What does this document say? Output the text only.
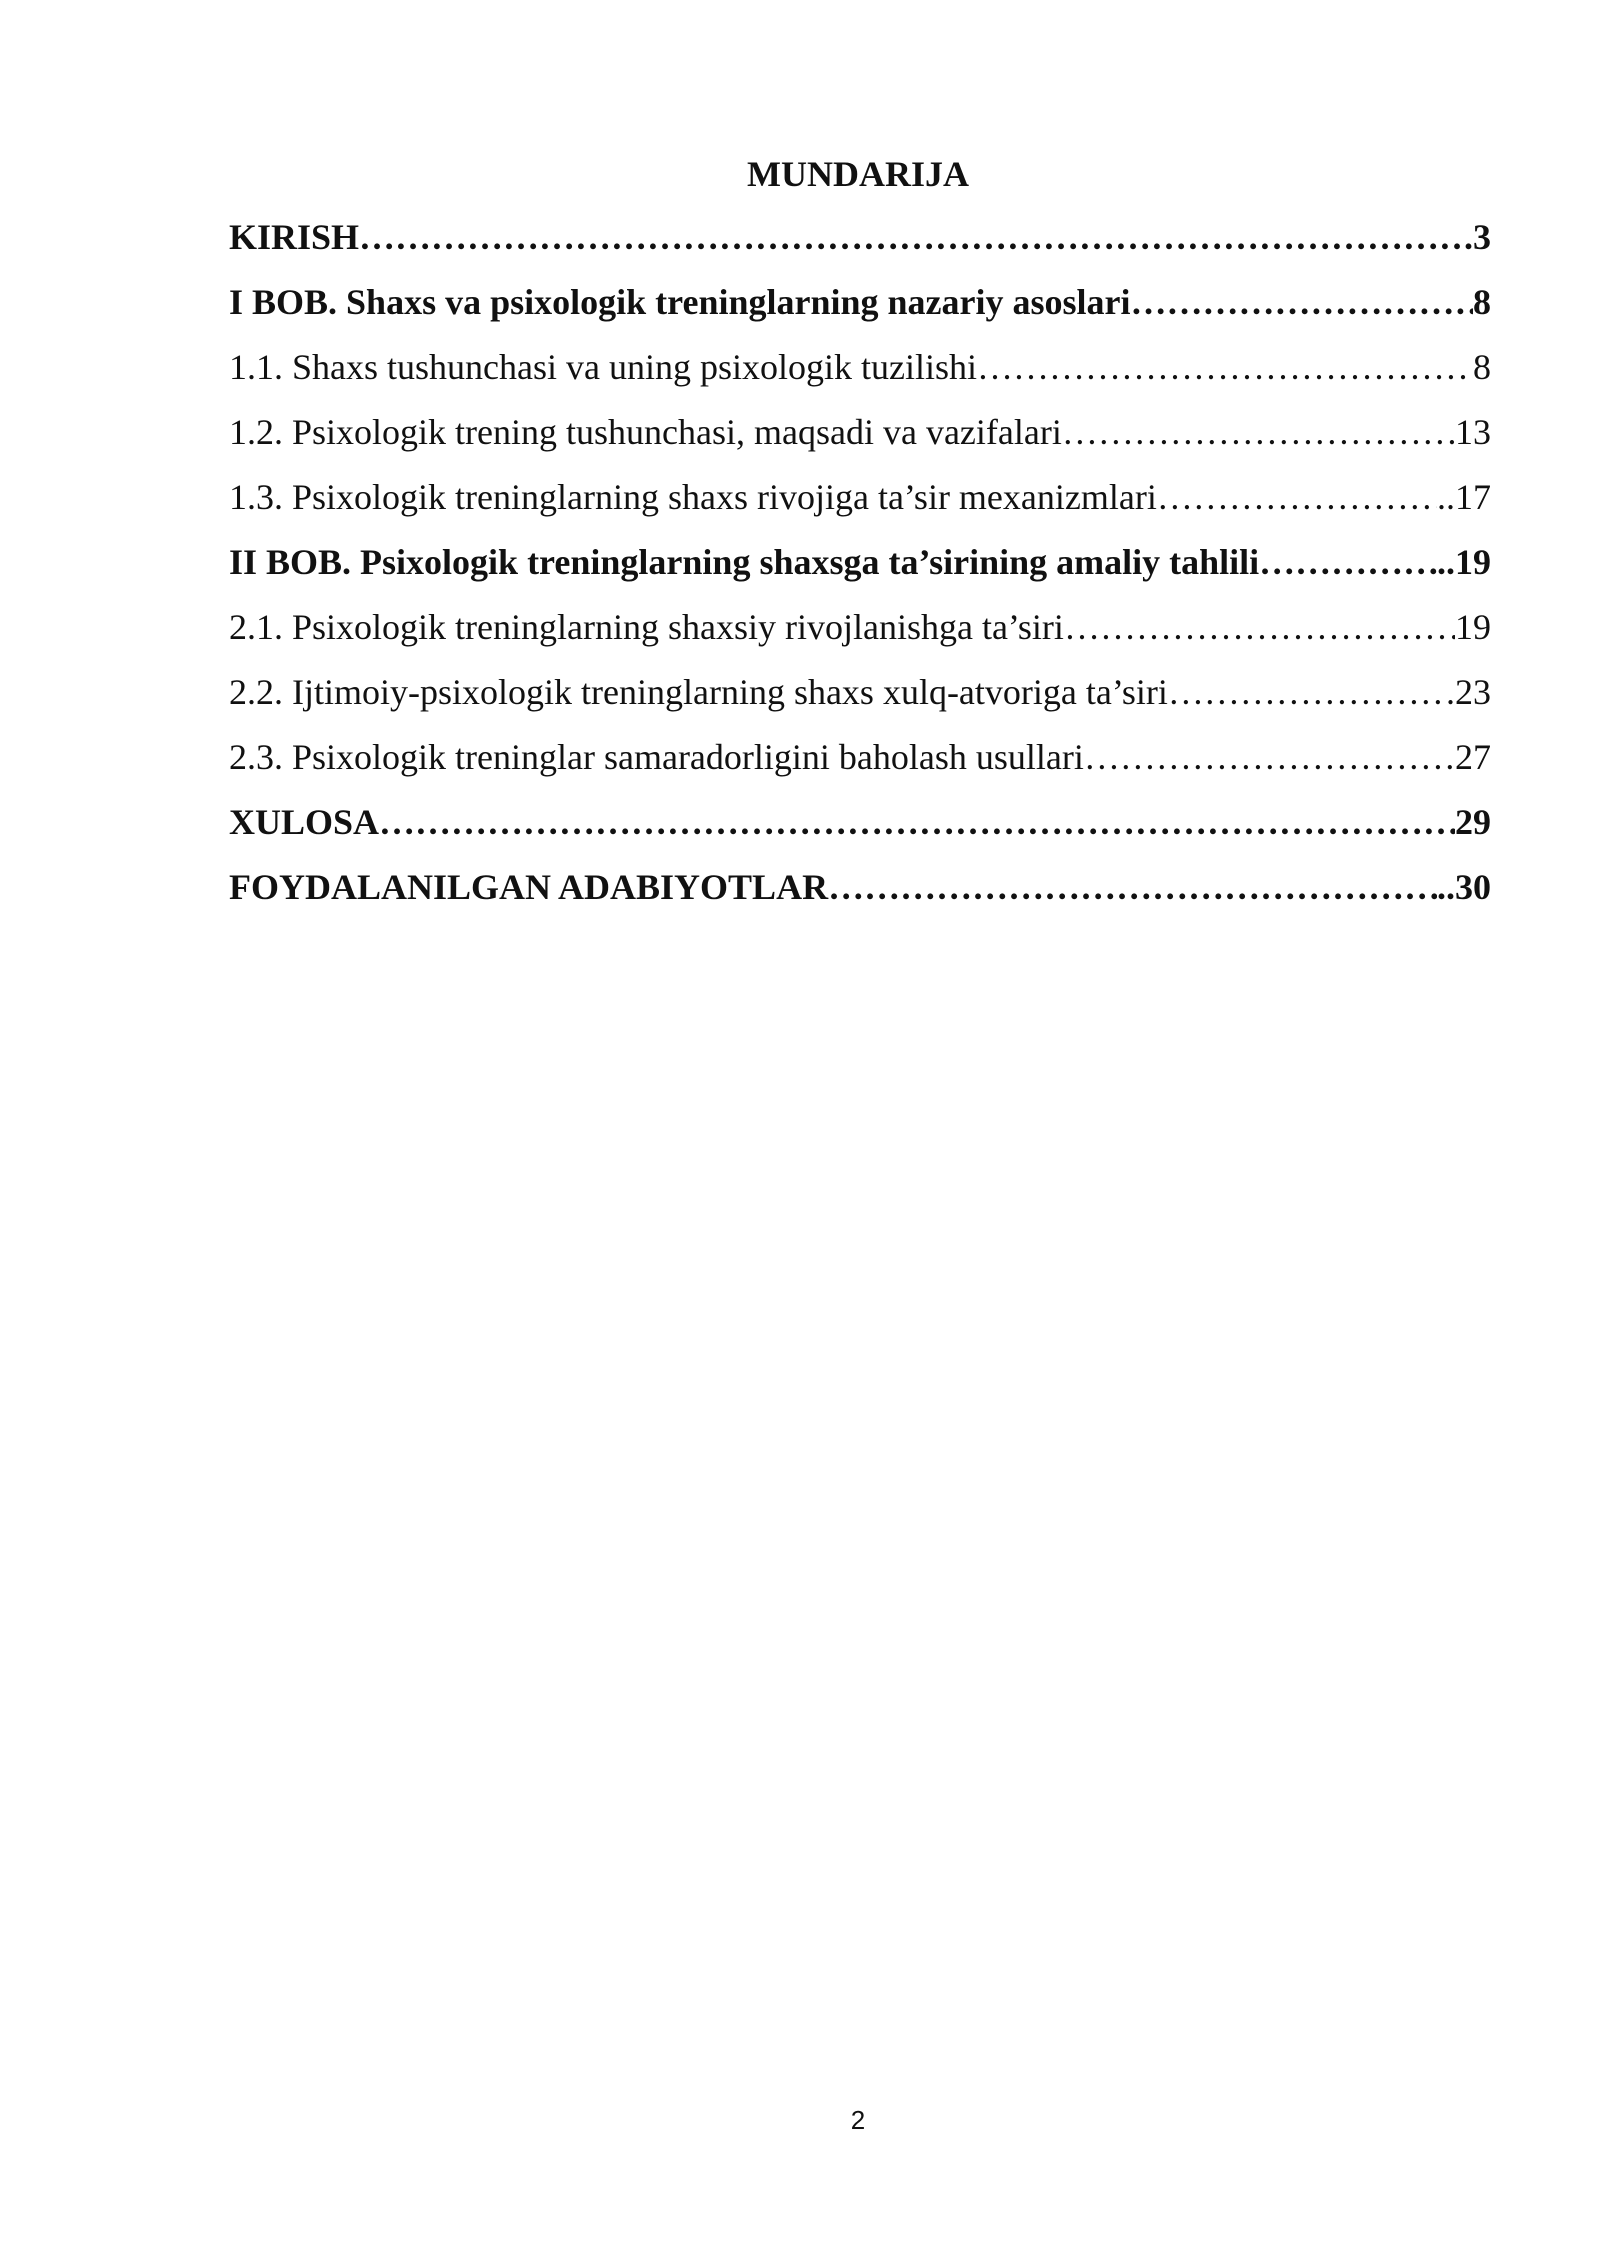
MUNDARIJA
KIRISH ……………………………………………………………………………………………………………………………………………………	.3
I BOB. Shaxs va psixologik treninglarning nazariy asoslari ……………………………………………………………………………………………………………………………………………………	8
1.1. Shaxs tushunchasi va uning psixologik tuzilishi ……………………………………………………………………………………………………………………………………………………	8
1.2. Psixologik trening tushunchasi, maqsadi va vazifalari ……………………………………………………………………………………………………………………………………………………	13
1.3. Psixologik treninglarning shaxs rivojiga ta’sir mexanizmlari ……………………………………………………………………………………………………………………………………………………	..17
II BOB. Psixologik treninglarning shaxsga ta’sirining amaliy tahlili ……………………………………………………………………………………………………………………………………………………	..19
2.1. Psixologik treninglarning shaxsiy rivojlanishga ta’siri ……………………………………………………………………………………………………………………………………………………	19
2.2. Ijtimoiy-psixologik treninglarning shaxs xulq-atvoriga ta’siri ……………………………………………………………………………………………………………………………………………………	.23
2.3. Psixologik treninglar samaradorligini baholash usullari ……………………………………………………………………………………………………………………………………………………	27
XULOSA ……………………………………………………………………………………………………………………………………………………	29
FOYDALANILGAN ADABIYOTLAR ……………………………………………………………………………………………………………………………………………………	..30
2
